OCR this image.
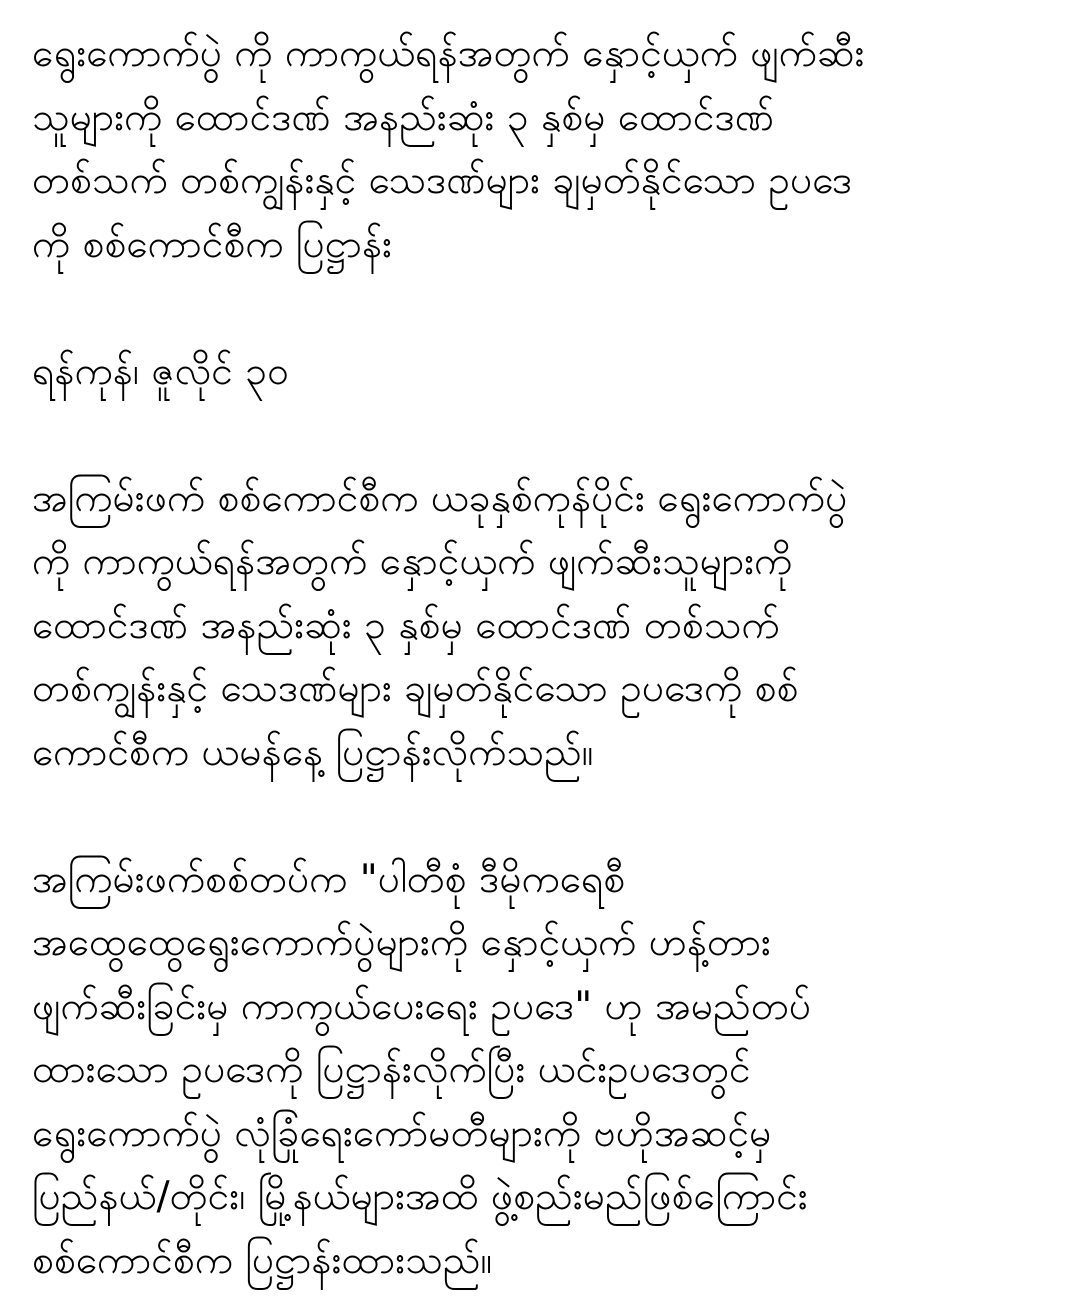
ရွေးကောက်ပွဲ ကို ကာကွယ်ရန်အတွက် နှောင့်ယှက် ဖျက်ဆီး
သူများကို ထောင်ဒဏ် အနည်းဆုံး ၃ နှစ်မှ ထောင်ဒဏ်
တစ်သက် တစ်ကျွန်းနှင့် သေဒဏ်များ ချမှတ်နိုင်သော ဥပဒေ
ကို စစ်ကောင်စီက ပြဋ္ဌာန်း
ရန်ကုန်၊ ဇူလိုင် ၃၀
အကြမ်းဖက် စစ်ကောင်စီက ယခုနှစ်ကုန်ပိုင်း ရွေးကောက်ပွဲ
ကို ကာကွယ်ရန်အတွက် နှောင့်ယှက် ဖျက်ဆီးသူများကို
ထောင်ဒဏ် အနည်းဆုံး ၃ နှစ်မှ ထောင်ဒဏ် တစ်သက်
တစ်ကျွန်းနှင့် သေဒဏ်များ ချမှတ်နိုင်သော ဥပဒေကို စစ်
ကောင်စီက ယမန်နေ့ ပြဋ္ဌာန်းလိုက်သည်။
အကြမ်းဖက်စစ်တပ်က "ပါတီစုံ ဒီမိုကရေစီ
အထွေထွေရွေးကောက်ပွဲများကို နှောင့်ယှက် ဟန့်တား
ဖျက်ဆီးခြင်းမှ ကာကွယ်ပေးရေး ဥပဒေ" ဟု အမည်တပ်
ထားသော ဥပဒေကို ပြဋ္ဌာန်းလိုက်ပြီး ယင်းဥပဒေတွင်
ရွေးကောက်ပွဲ လုံခြုံရေးကော်မတီများကို ဗဟိုအဆင့်မှ
ပြည်နယ်/တိုင်း၊ မြို့နယ်များအထိ ဖွဲ့စည်းမည်ဖြစ်ကြောင်း
စစ်ကောင်စီက ပြဋ္ဌာန်းထားသည်။
